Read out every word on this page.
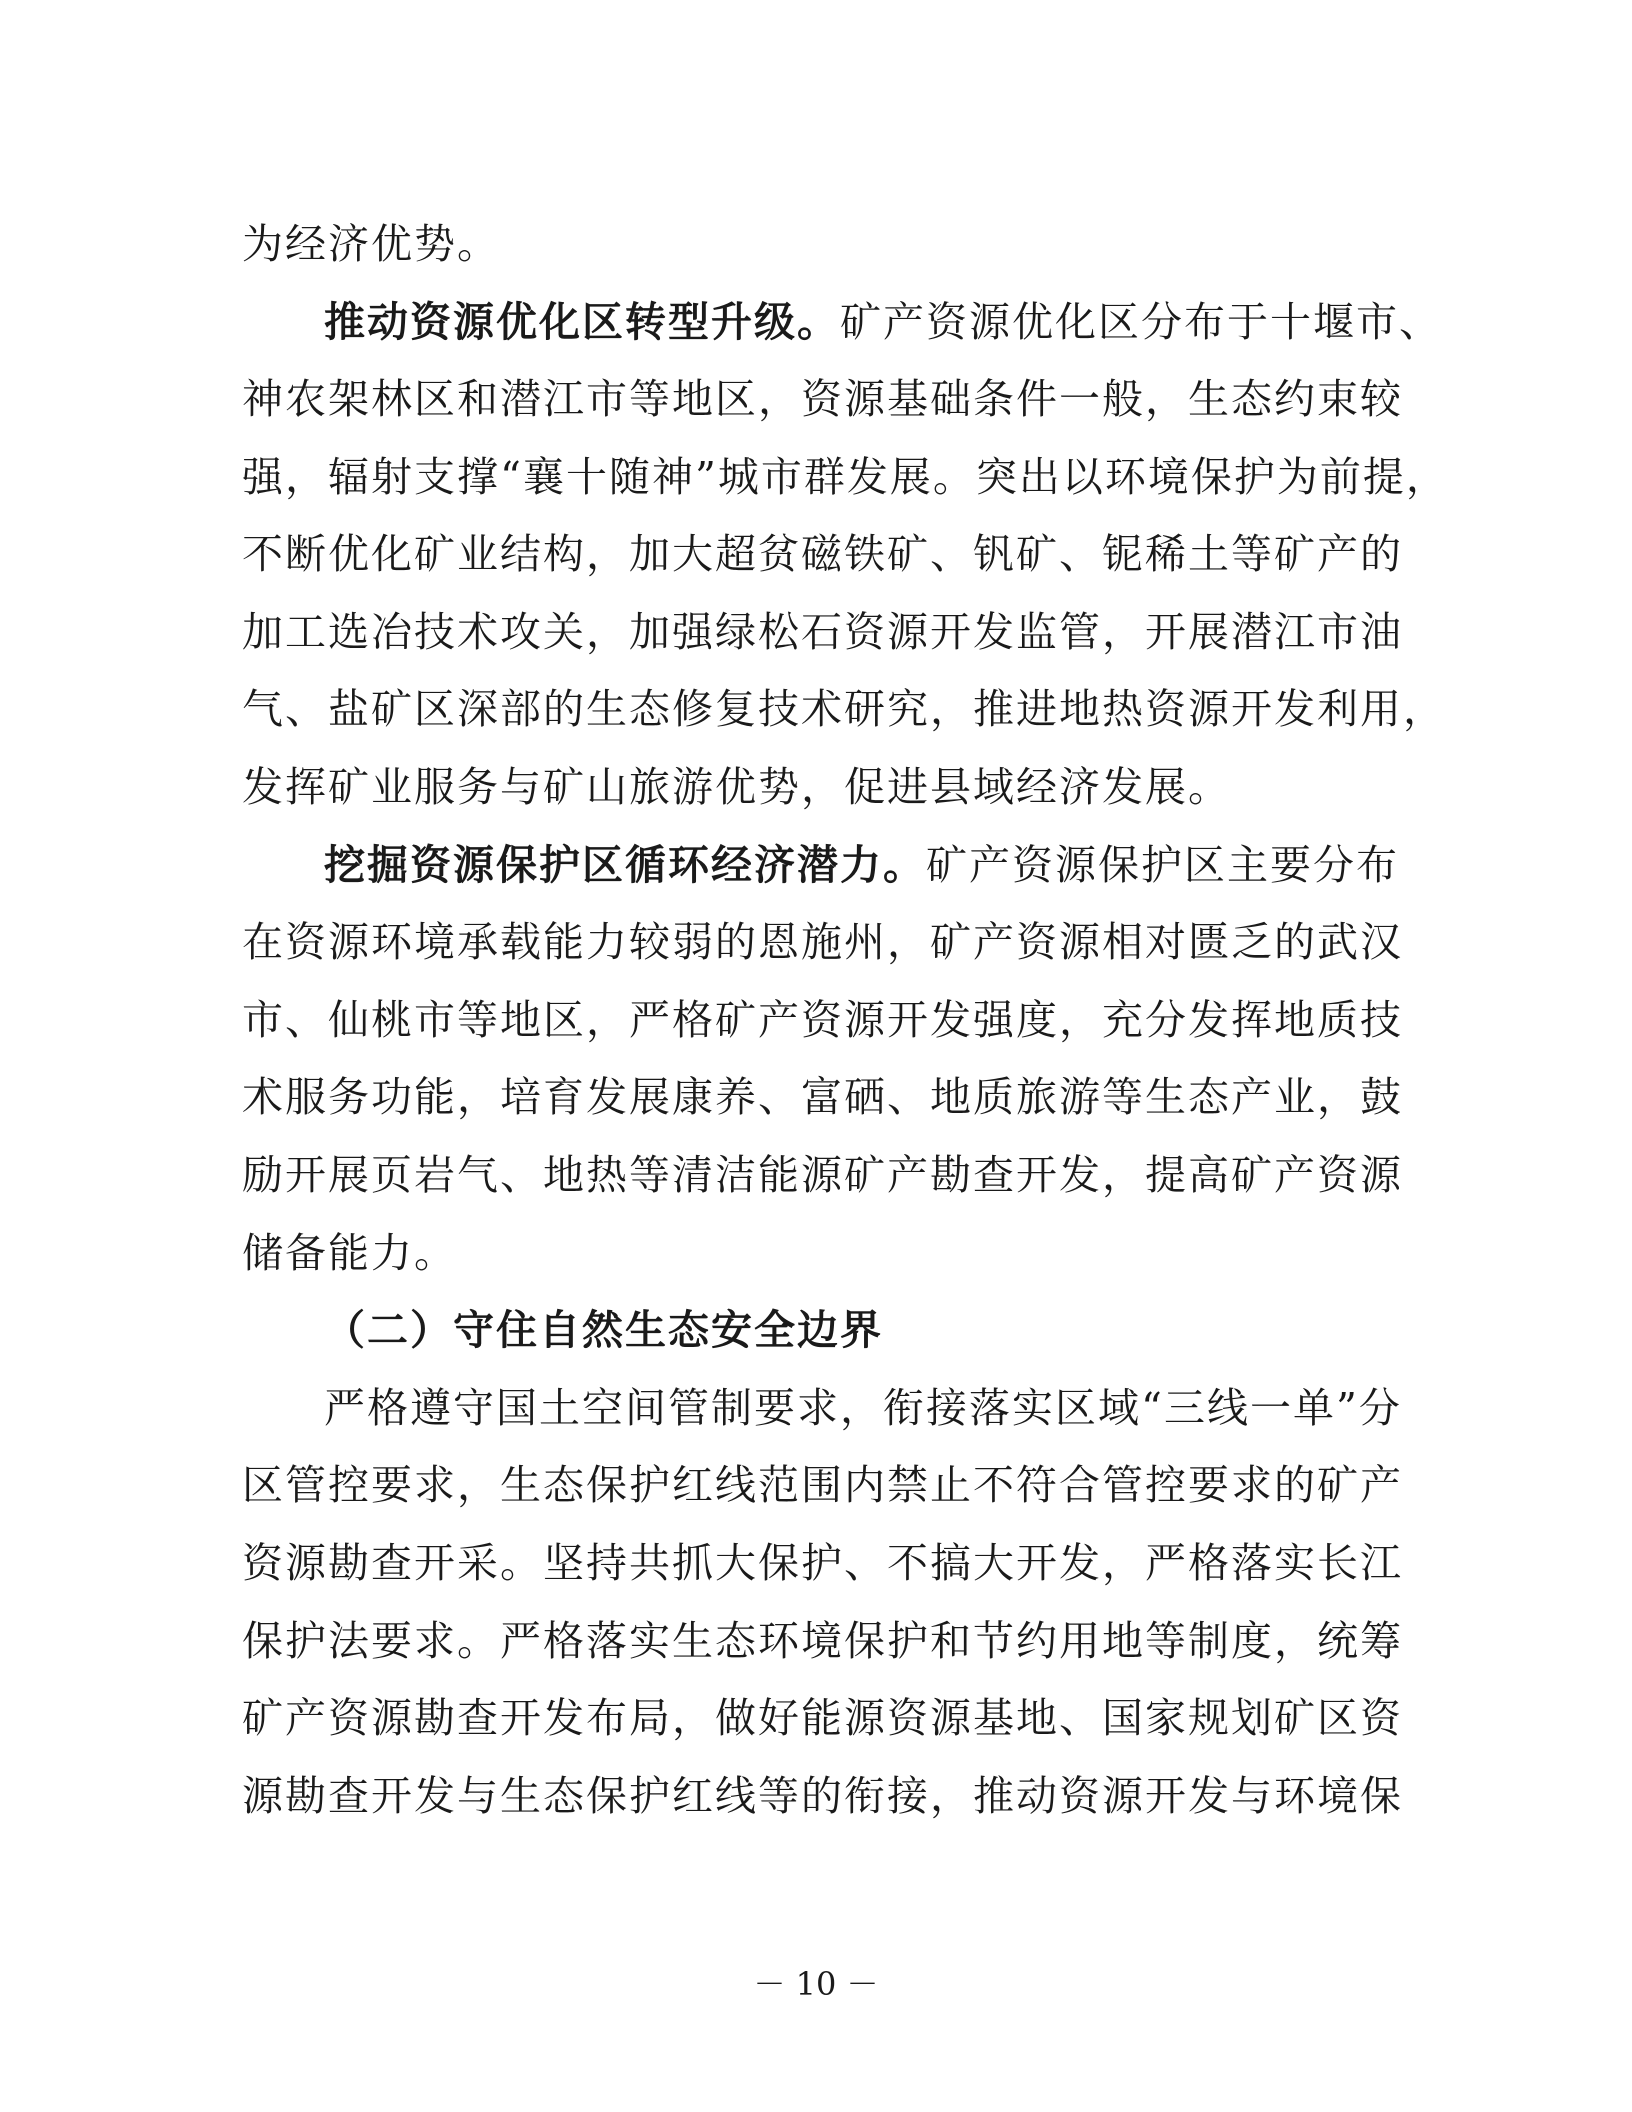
为经济优势。
推动资源优化区转型升级。矿产资源优化区分布于十堰市、
神农架林区和潜江市等地区，资源基础条件一般，生态约束较
强，辐射支撑“襄十随神”城市群发展。突出以环境保护为前提，
不断优化矿业结构，加大超贫磁铁矿、钒矿、铌稀土等矿产的
加工选冶技术攻关，加强绿松石资源开发监管，开展潜江市油
气、盐矿区深部的生态修复技术研究，推进地热资源开发利用，
发挥矿业服务与矿山旅游优势，促进县域经济发展。
挖掘资源保护区循环经济潜力。矿产资源保护区主要分布
在资源环境承载能力较弱的恩施州，矿产资源相对匮乏的武汉
市、仙桃市等地区，严格矿产资源开发强度，充分发挥地质技
术服务功能，培育发展康养、富硒、地质旅游等生态产业，鼓
励开展页岩气、地热等清洁能源矿产勘查开发，提高矿产资源
储备能力。
（二）守住自然生态安全边界
严格遵守国土空间管制要求，衔接落实区域“三线一单”分
区管控要求，生态保护红线范围内禁止不符合管控要求的矿产
资源勘查开采。坚持共抓大保护、不搞大开发，严格落实长江
保护法要求。严格落实生态环境保护和节约用地等制度，统筹
矿产资源勘查开发布局，做好能源资源基地、国家规划矿区资
源勘查开发与生态保护红线等的衔接，推动资源开发与环境保
－ 10 －
